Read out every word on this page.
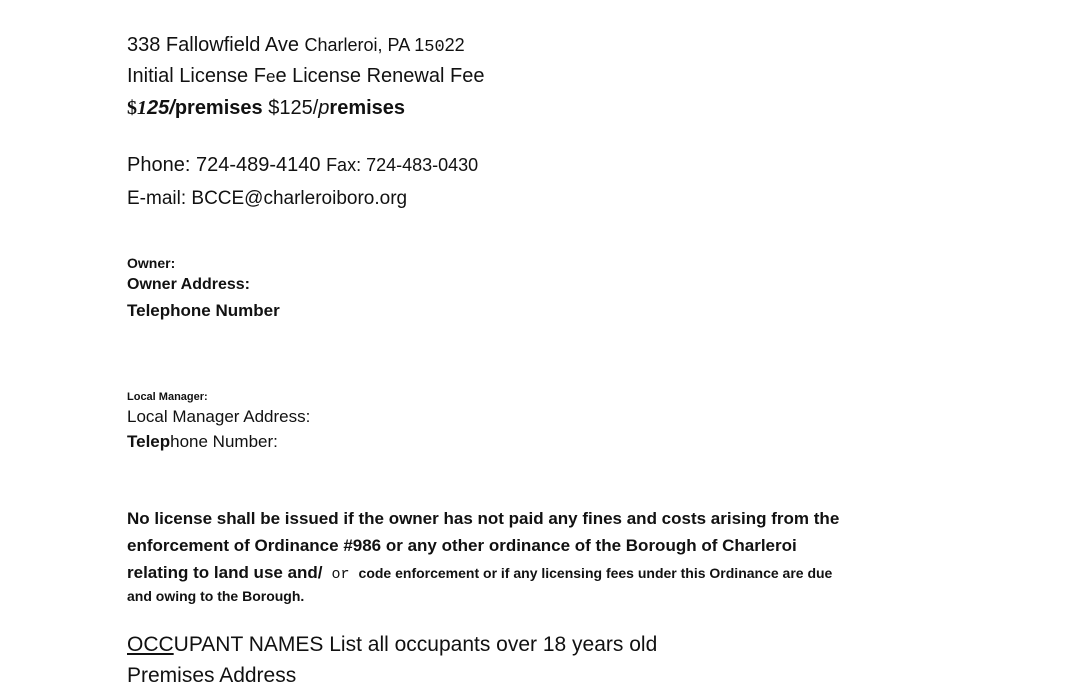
338 Fallowfield Ave Charleroi, PA 15022
Initial License Fee License Renewal Fee
$125/premises $125/premises
Phone: 724-489-4140 Fax: 724-483-0430
E-mail: BCCE@charleroiboro.org
Owner:
Owner Address:
Telephone Number
Local Manager:
Local Manager Address:
Telephone Number:
No license shall be issued if the owner has not paid any fines and costs arising from the
enforcement of Ordinance #986 or any other ordinance of the Borough of Charleroi
relating to land use and/ or code enforcement or if any licensing fees under this Ordinance are due
and owing to the Borough.
OCCUPANT NAMES List all occupants over 18 years old
Premises Address
